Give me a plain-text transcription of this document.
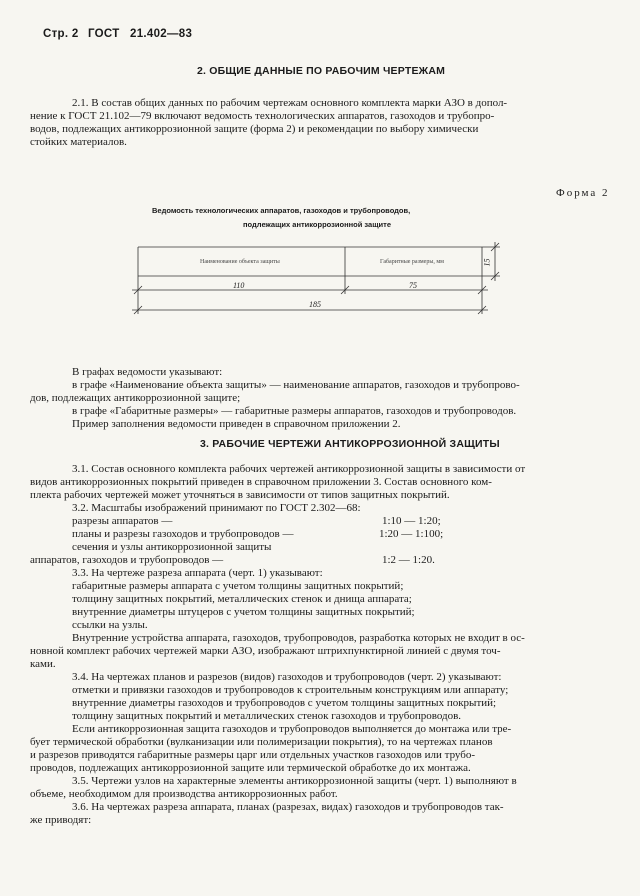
Стр. 2 ГОСТ 21.402—83
2. ОБЩИЕ ДАННЫЕ ПО РАБОЧИМ ЧЕРТЕЖАМ
2.1. В состав общих данных по рабочим чертежам основного комплекта марки АЗО в допол-
нение к ГОСТ 21.102—79 включают ведомость технологических аппаратов, газоходов и трубопро-
водов, подлежащих антикоррозионной защите (форма 2) и рекомендации по выбору химически
стойких материалов.
Форма 2
Ведомость технологических аппаратов, газоходов и трубопроводов,
подлежащих антикоррозионной защите
Наименование объекта защиты	Габаритные размеры, мм
110	75
185
15
В графах ведомости указывают:
в графе «Наименование объекта защиты» — наименование аппаратов, газоходов и трубопрово-
дов, подлежащих антикоррозионной защите;
в графе «Габаритные размеры» — габаритные размеры аппаратов, газоходов и трубопроводов.
Пример заполнения ведомости приведен в справочном приложении 2.
3. РАБОЧИЕ ЧЕРТЕЖИ АНТИКОРРОЗИОННОЙ ЗАЩИТЫ
3.1. Состав основного комплекта рабочих чертежей антикоррозионной защиты в зависимости от
видов антикоррозионных покрытий приведен в справочном приложении 3. Состав основного ком-
плекта рабочих чертежей может уточняться в зависимости от типов защитных покрытий.
3.2. Масштабы изображений принимают по ГОСТ 2.302—68:
разрезы аппаратов —
планы и разрезы газоходов и трубопроводов —
сечения и узлы антикоррозионной защиты
аппаратов, газоходов и трубопроводов —
1:10 — 1:20;
1:20 — 1:100;
1:2 — 1:20.
3.3. На чертеже разреза аппарата (черт. 1) указывают:
габаритные размеры аппарата с учетом толщины защитных покрытий;
толщину защитных покрытий, металлических стенок и днища аппарата;
внутренние диаметры штуцеров с учетом толщины защитных покрытий;
ссылки на узлы.
Внутренние устройства аппарата, газоходов, трубопроводов, разработка которых не входит в ос-
новной комплект рабочих чертежей марки АЗО, изображают штрихпунктирной линией с двумя точ-
ками.
3.4. На чертежах планов и разрезов (видов) газоходов и трубопроводов (черт. 2) указывают:
отметки и привязки газоходов и трубопроводов к строительным конструкциям или аппарату;
внутренние диаметры газоходов и трубопроводов с учетом толщины защитных покрытий;
толщину защитных покрытий и металлических стенок газоходов и трубопроводов.
Если антикоррозионная защита газоходов и трубопроводов выполняется до монтажа или тре-
бует термической обработки (вулканизации или полимеризации покрытия), то на чертежах планов
и разрезов приводятся габаритные размеры царг или отдельных участков газоходов или трубо-
проводов, подлежащих антикоррозионной защите или термической обработке до их монтажа.
3.5. Чертежи узлов на характерные элементы антикоррозионной защиты (черт. 1) выполняют в
объеме, необходимом для производства антикоррозионных работ.
3.6. На чертежах разреза аппарата, планах (разрезах, видах) газоходов и трубопроводов так-
же приводят:
